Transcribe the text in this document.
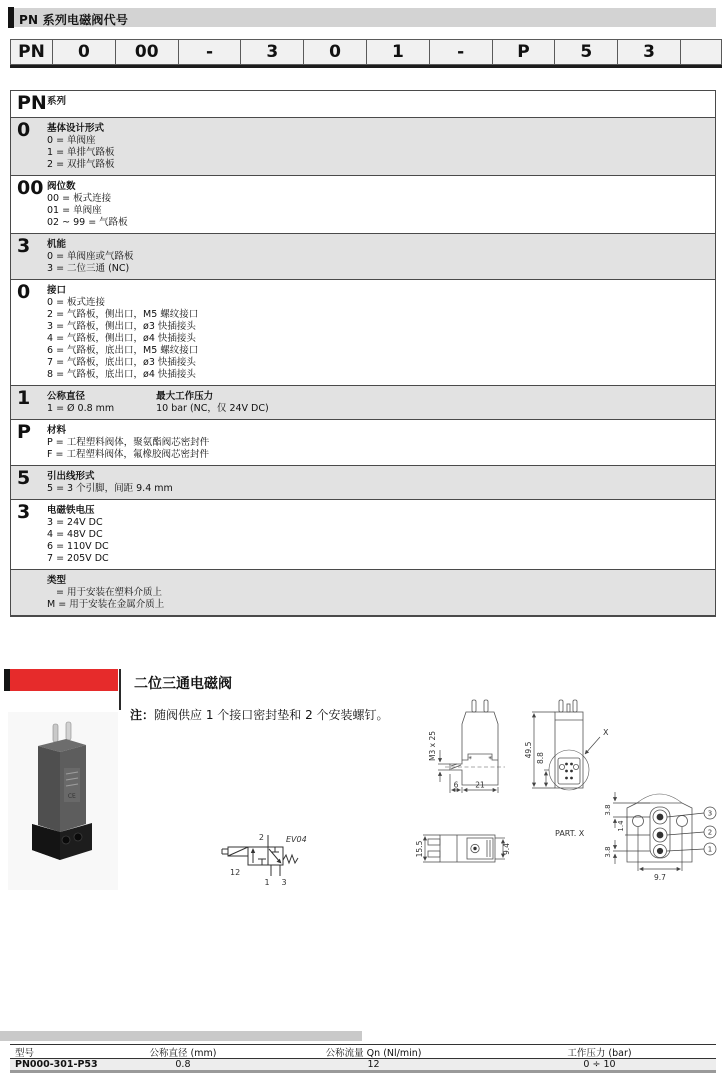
PN 系列电磁阀代号
PN	0	00	-	3	0	1	-	P	5	3
PN 系列
0	基体设计形式
0 = 单阀座
1 = 单排气路板
2 = 双排气路板
00 阀位数
00 = 板式连接
01 = 单阀座
02 ~ 99 = 气路板
3	机能
0 = 单阀座或气路板
3 = 二位三通 (NC)
0	接口
0 = 板式连接
2 = 气路板，侧出口，M5 螺纹接口
3 = 气路板，侧出口，ø3 快插接头
4 = 气路板，侧出口，ø4 快插接头
6 = 气路板，底出口，M5 螺纹接口
7 = 气路板，底出口，ø3 快插接头
8 = 气路板，底出口，ø4 快插接头
1	公称直径
1 = Ø 0.8 mm

最大工作压力
10 bar (NC，仅 24V DC)
P	材料
P = 工程塑料阀体，聚氨酯阀芯密封件
F = 工程塑料阀体，氟橡胶阀芯密封件
5	引出线形式
5 = 3 个引脚，间距 9.4 mm
3	电磁铁电压
3 = 24V DC
4 = 48V DC
6 = 110V DC
7 = 205V DC
类型
= 用于安装在塑料介质上
M = 用于安装在金属介质上
二位三通电磁阀
注：随阀供应 1 个接口密封垫和 2 个安装螺钉。
CE
2
1 3
12
EV04
✳	✳
M3 x 25
6 21
49.5 8.8
X
15.5	9.4
PART. X
3.8
1.4
3.8
9.7
3
2
1
型号	公称直径 (mm)	公称流量 Qn (Nl/min)	工作压力 (bar)
PN000-301-P53	0.8	12	0 ÷ 10
